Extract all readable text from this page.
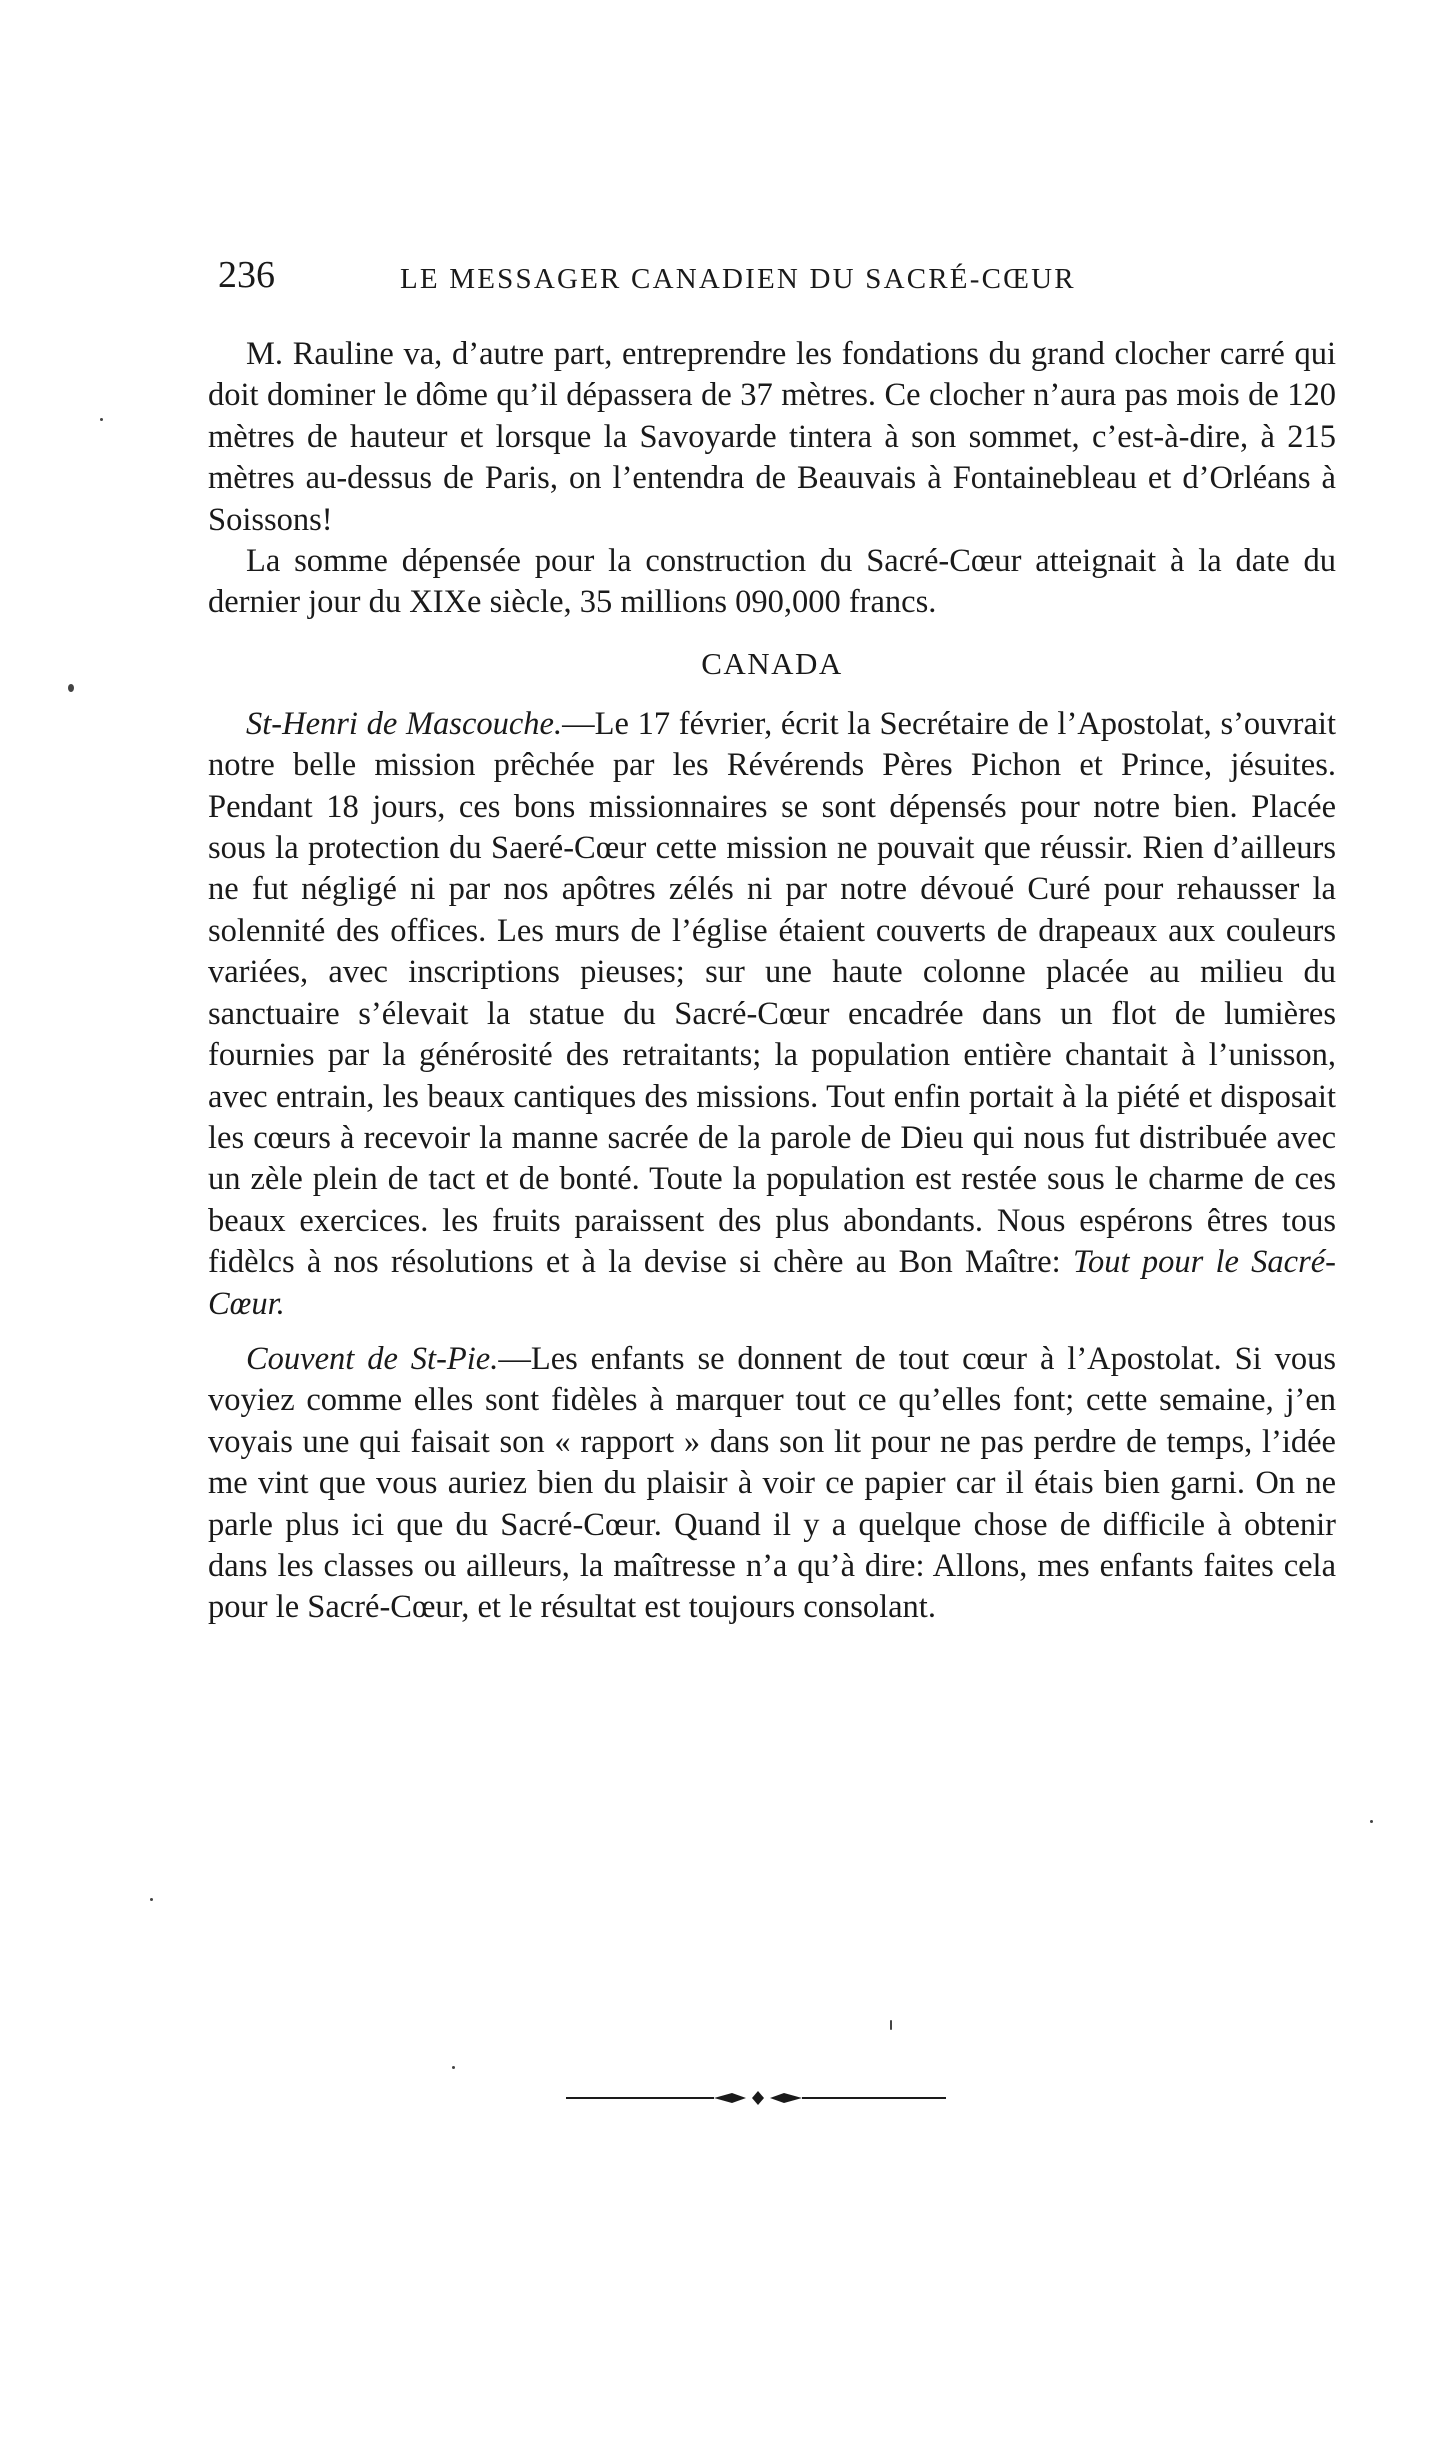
236	LE MESSAGER CANADIEN DU SACRÉ-CŒUR

M. Rauline va, d’autre part, entreprendre les fondations du grand clocher carré qui doit dominer le dôme qu’il dépassera de 37 mètres. Ce clocher n’aura pas mois de 120 mètres de hauteur et lorsque la Savoyarde tintera à son sommet, c’est-à-dire, à 215 mètres au-dessus de Paris, on l’entendra de Beauvais à Fontainebleau et d’Orléans à Soissons!

La somme dépensée pour la construction du Sacré-Cœur atteignait à la date du dernier jour du XIXe siècle, 35 millions 090,000 francs.

CANADA

St-Henri de Mascouche.—Le 17 février, écrit la Secrétaire de l’Apostolat, s’ouvrait notre belle mission prêchée par les Révérends Pères Pichon et Prince, jésuites. Pendant 18 jours, ces bons missionnaires se sont dépensés pour notre bien. Placée sous la protection du Saeré-Cœur cette mission ne pouvait que réussir. Rien d’ailleurs ne fut négligé ni par nos apôtres zélés ni par notre dévoué Curé pour rehausser la solennité des offices. Les murs de l’église étaient couverts de drapeaux aux couleurs variées, avec inscriptions pieuses; sur une haute colonne placée au milieu du sanctuaire s’élevait la statue du Sacré-Cœur encadrée dans un flot de lumières fournies par la générosité des retraitants; la population entière chantait à l’unisson, avec entrain, les beaux cantiques des missions. Tout enfin portait à la piété et disposait les cœurs à recevoir la manne sacrée de la parole de Dieu qui nous fut distribuée avec un zèle plein de tact et de bonté. Toute la population est restée sous le charme de ces beaux exercices. les fruits paraissent des plus abondants. Nous espérons êtres tous fidèlcs à nos résolutions et à la devise si chère au Bon Maître: Tout pour le Sacré-Cœur.

Couvent de St-Pie.—Les enfants se donnent de tout cœur à l’Apostolat. Si vous voyiez comme elles sont fidèles à marquer tout ce qu’elles font; cette semaine, j’en voyais une qui faisait son « rapport » dans son lit pour ne pas perdre de temps, l’idée me vint que vous auriez bien du plaisir à voir ce papier car il étais bien garni. On ne parle plus ici que du Sacré-Cœur. Quand il y a quelque chose de difficile à obtenir dans les classes ou ailleurs, la maîtresse n’a qu’à dire: Allons, mes enfants faites cela pour le Sacré-Cœur, et le résultat est toujours consolant.
